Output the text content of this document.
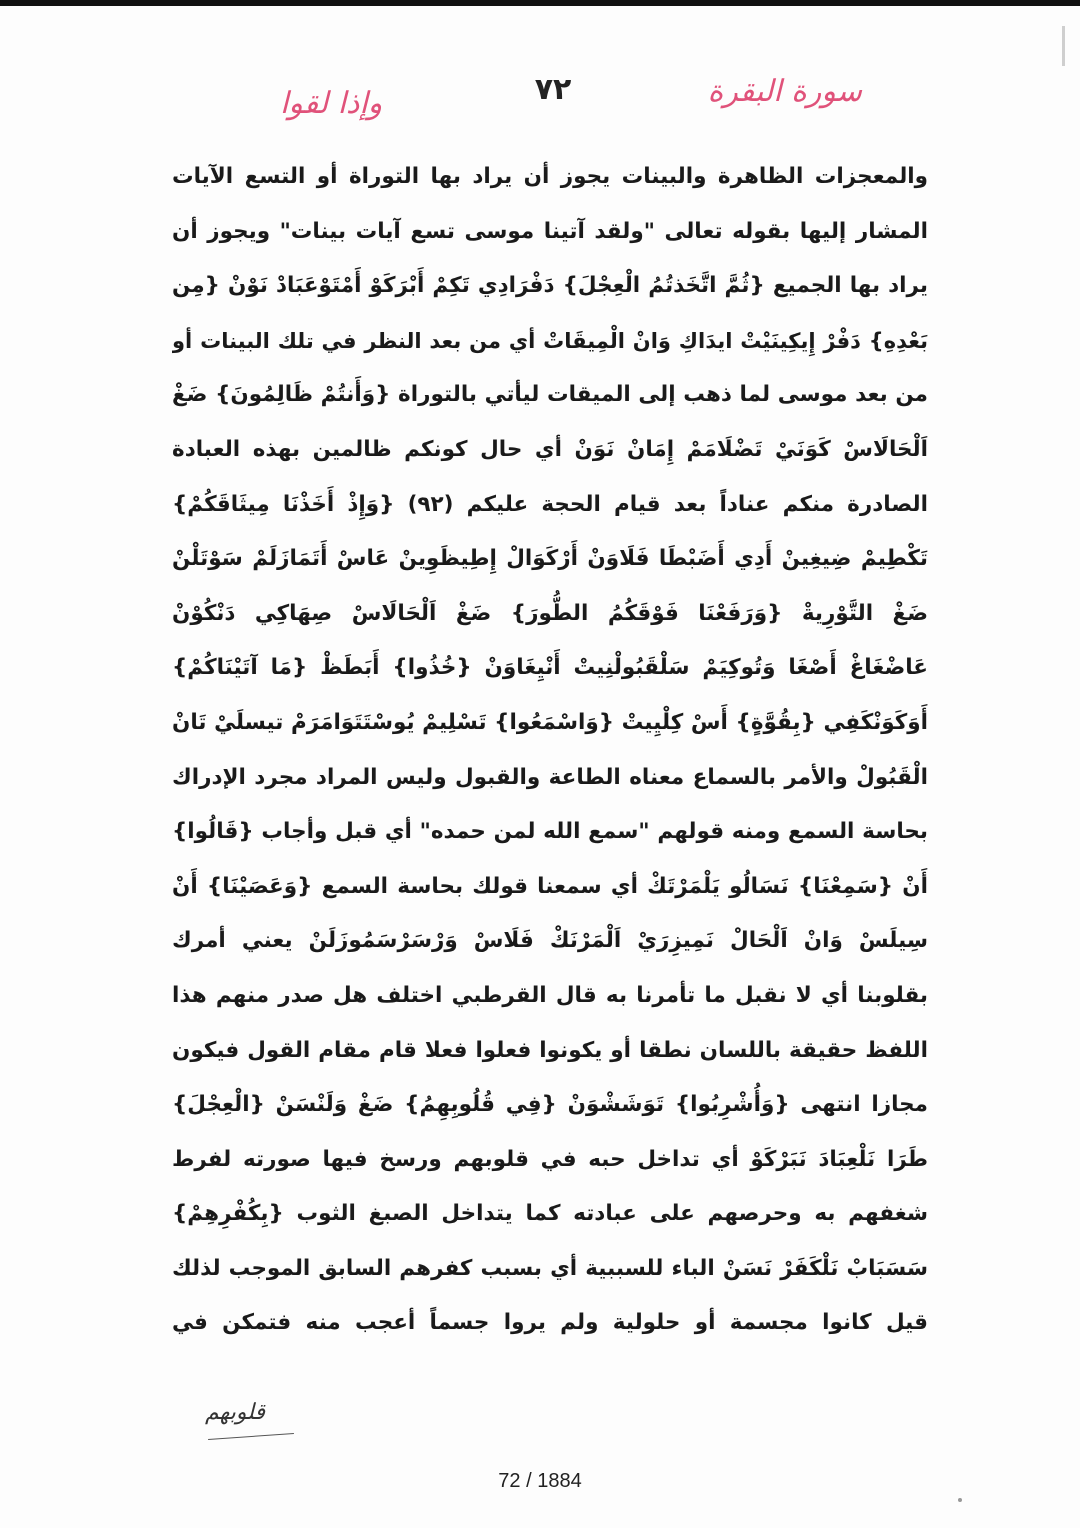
سورة البقرة
٧٢
وإذا لقوا
والمعجزات الظاهرة والبينات يجوز أن يراد بها التوراة أو التسع الآيات
المشار إليها بقوله تعالى "ولقد آتينا موسى تسع آيات بينات" ويجوز أن
يراد بها الجميع {ثُمَّ اتَّخَذتُمُ الْعِجْلَ} دَفْرَادِي تَكِمْ أَبْرَكَوْ أَمْتَوْعَبَادْ نَوْنْ {مِن
بَعْدِهِ} دَفْرْ إِيكِينَيْتْ ايدَاكِ وَانْ الْمِيقَاتْ أي من بعد النظر في تلك البينات أو
من بعد موسى لما ذهب إلى الميقات ليأتي بالتوراة {وَأَنتُمْ ظَالِمُونَ} ضَغْ
اَلْحَالَاسْ كَوَنَيْ تَضْلَامَمْ إِمَانْ نَوَنْ أي حال كونكم ظالمين بهذه العبادة
الصادرة منكم عناداً بعد قيام الحجة عليكم (٩٢) {وَإِذْ أَخَذْنَا مِيثَاقَكُمْ}
تَكْطِيمْ ضِيغِينْ أَدِي أَضَبْطَا فَلَاوَنْ أَرْكَوَالْ إِطِيظَوِينْ عَاسْ أَتَمَازَلَمْ سَوْتَلْنْ
ضَغْ التَّوْرِيةْ {وَرَفَعْنَا فَوْقَكُمُ الطُّورَ} ضَغْ اَلْحَالَاسْ صِهَاكِي دَنْكُوْنْ
عَاضْغَاغْ أَصْغَا وَتُوكِيَمْ سَلْقَبُولْنِيتْ أَنْيِغَاوَنْ {خُذُوا} أَبَطَظْ {مَا آتَيْنَاكُمْ}
أَوَكَوَنْكَفِي {بِقُوَّةٍ} أَسْ كِلْيِيتْ {وَاسْمَعُوا} تَسْلِيمْ يُوسْتَتَوَامَرَمْ تيسلَيْ تَانْ
الْقَبُولْ والأمر بالسماع معناه الطاعة والقبول وليس المراد مجرد الإدراك
بحاسة السمع ومنه قولهم "سمع الله لمن حمده" أي قبل وأجاب {قَالُوا}
أَنْ {سَمِعْنَا} نَسَالُو يَلْمَرْتَكْ أي سمعنا قولك بحاسة السمع {وَعَصَيْنَا} أَنْ
سِيلَسْ وَانْ اَلْحَالْ نَمِيزِرَيْ اَلْمَرْنَكْ فَلَاسْ وَرْسَرْسَمُوزَلَنْ يعني أمرك
بقلوبنا أي لا نقبل ما تأمرنا به قال القرطبي اختلف هل صدر منهم هذا
اللفظ حقيقة باللسان نطقا أو يكونوا فعلوا فعلا قام مقام القول فيكون
مجازا انتهى {وَأُشْرِبُوا} تَوَشَشْوَنْ {فِي قُلُوبِهِمُ} ضَغْ وَلَنْسَنْ {الْعِجْلَ}
طَرَا نَلْعِبَادَ نَبَرْكَوْ أي تداخل حبه في قلوبهم ورسخ فيها صورته لفرط
شغفهم به وحرصهم على عبادته كما يتداخل الصبغ الثوب {بِكُفْرِهِمْ}
سَسَبَابْ نَلْكَفَرْ نَسَنْ الباء للسببية أي بسبب كفرهم السابق الموجب لذلك
قيل كانوا مجسمة أو حلولية ولم يروا جسماً أعجب منه فتمكن في
قلوبهم
72 / 1884
